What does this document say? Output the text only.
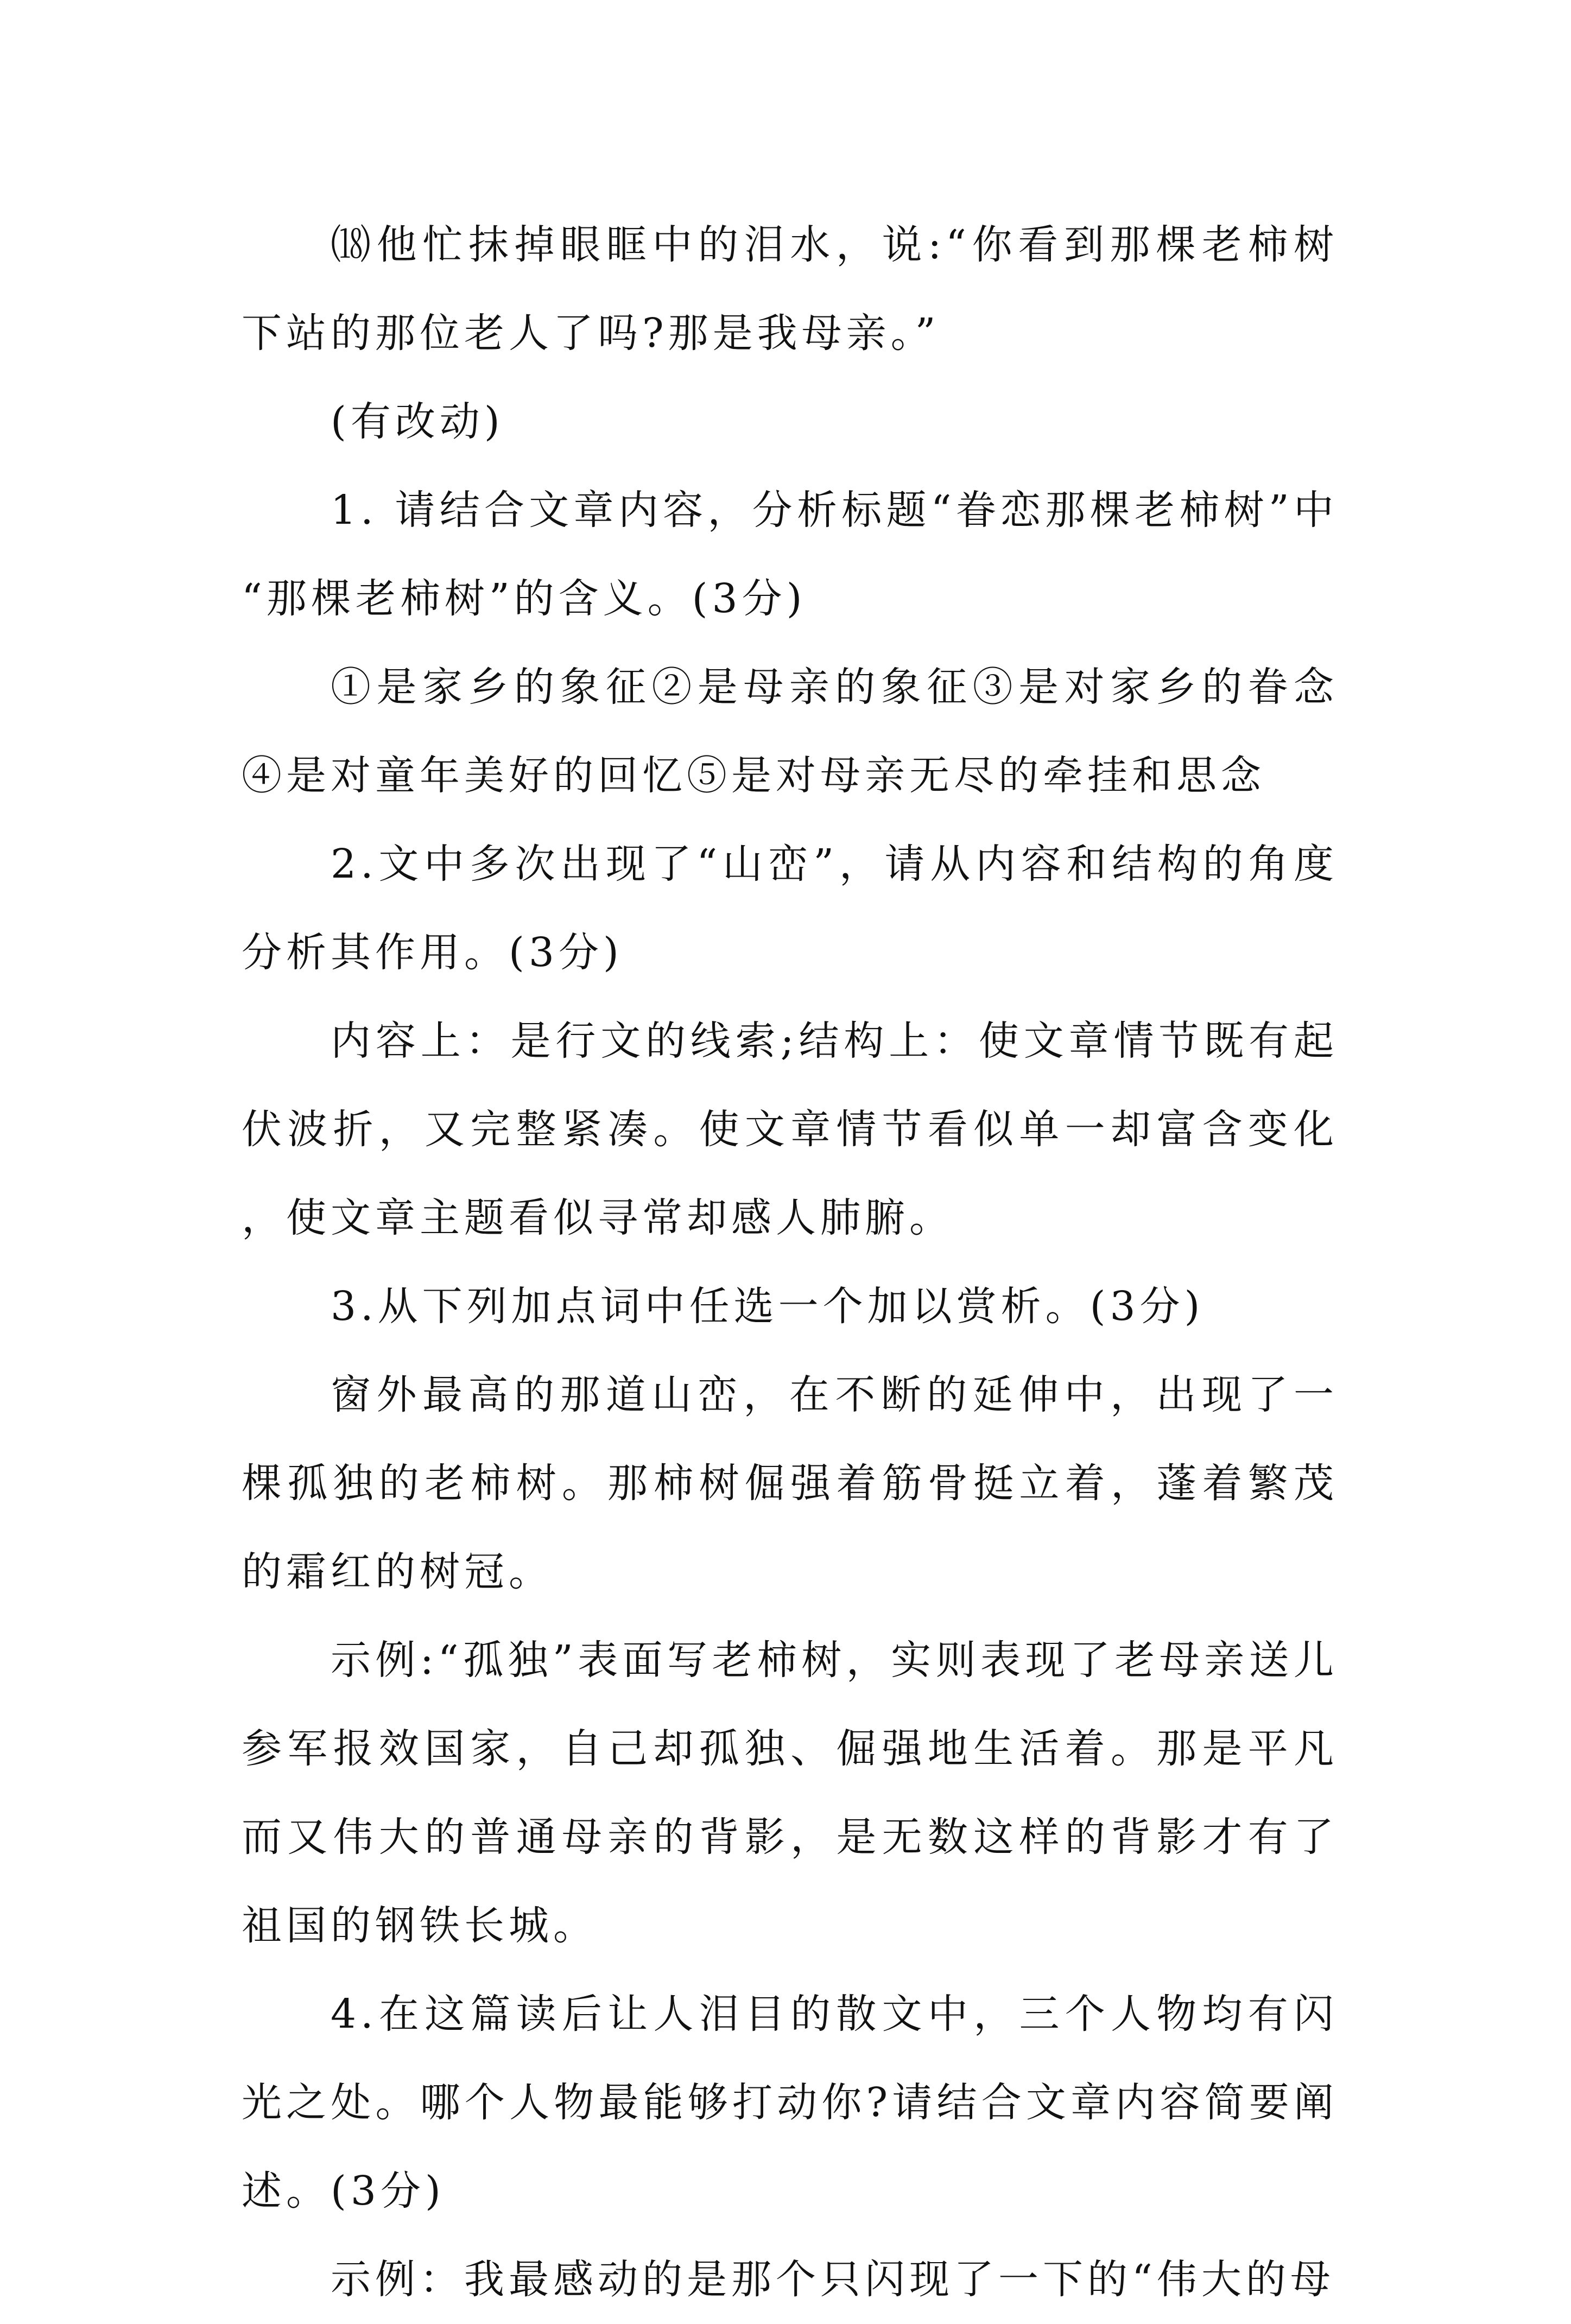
⒅他忙抹掉眼眶中的泪水，说:“你看到那棵老柿树下站的那位老人了吗?那是我母亲。”

(有改动)

1. 请结合文章内容，分析标题“眷恋那棵老柿树”中“那棵老柿树”的含义。(3分)

①是家乡的象征②是母亲的象征③是对家乡的眷念④是对童年美好的回忆⑤是对母亲无尽的牵挂和思念

2.文中多次出现了“山峦”，请从内容和结构的角度分析其作用。(3分)

内容上：是行文的线索;结构上：使文章情节既有起伏波折，又完整紧凑。使文章情节看似单一却富含变化，使文章主题看似寻常却感人肺腑。

3.从下列加点词中任选一个加以赏析。(3分)

窗外最高的那道山峦，在不断的延伸中，出现了一棵孤独的老柿树。那柿树倔强着筋骨挺立着，蓬着繁茂的霜红的树冠。

示例:“孤独”表面写老柿树，实则表现了老母亲送儿参军报效国家，自己却孤独、倔强地生活着。那是平凡而又伟大的普通母亲的背影，是无数这样的背影才有了祖国的钢铁长城。

4.在这篇读后让人泪目的散文中，三个人物均有闪光之处。哪个人物最能够打动你?请结合文章内容简要阐述。(3分)

示例：我最感动的是那个只闪现了一下的“伟大的母
